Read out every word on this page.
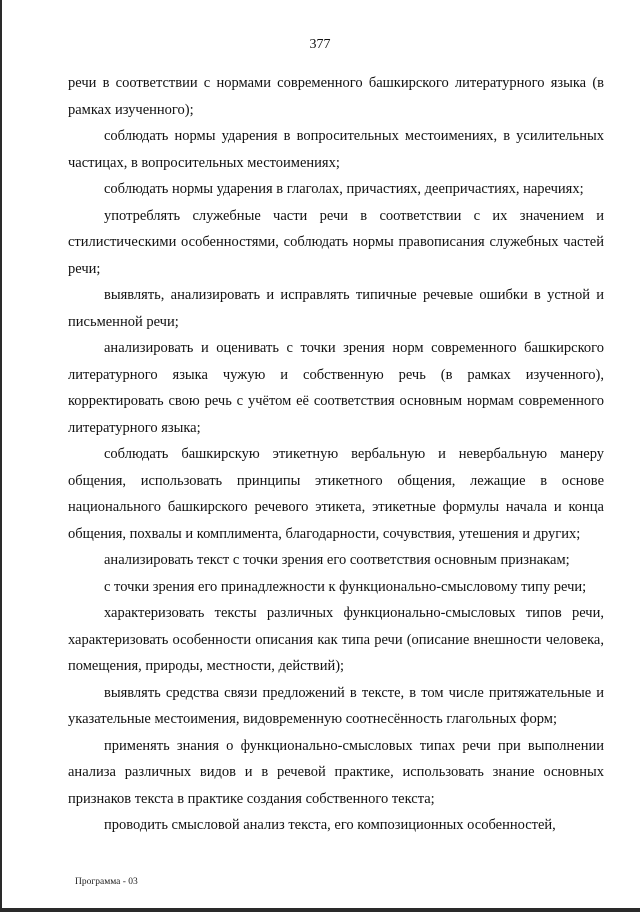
377

речи в соответствии с нормами современного башкирского литературного языка (в рамках изученного);

соблюдать нормы ударения в вопросительных местоимениях, в усилительных частицах, в вопросительных местоимениях;

соблюдать нормы ударения в глаголах, причастиях, деепричастиях, наречиях;

употреблять служебные части речи в соответствии с их значением и стилистическими особенностями, соблюдать нормы правописания служебных частей речи;

выявлять, анализировать и исправлять типичные речевые ошибки в устной и письменной речи;

анализировать и оценивать с точки зрения норм современного башкирского литературного языка чужую и собственную речь (в рамках изученного), корректировать свою речь с учётом её соответствия основным нормам современного литературного языка;

соблюдать башкирскую этикетную вербальную и невербальную манеру общения, использовать принципы этикетного общения, лежащие в основе национального башкирского речевого этикета, этикетные формулы начала и конца общения, похвалы и комплимента, благодарности, сочувствия, утешения и других;

анализировать текст с точки зрения его соответствия основным признакам;

с точки зрения его принадлежности к функционально-смысловому типу речи;

характеризовать тексты различных функционально-смысловых типов речи, характеризовать особенности описания как типа речи (описание внешности человека, помещения, природы, местности, действий);

выявлять средства связи предложений в тексте, в том числе притяжательные и указательные местоимения, видовременную соотнесённость глагольных форм;

применять знания о функционально-смысловых типах речи при выполнении анализа различных видов и в речевой практике, использовать знание основных признаков текста в практике создания собственного текста;

проводить смысловой анализ текста, его композиционных особенностей,

Программа - 03
